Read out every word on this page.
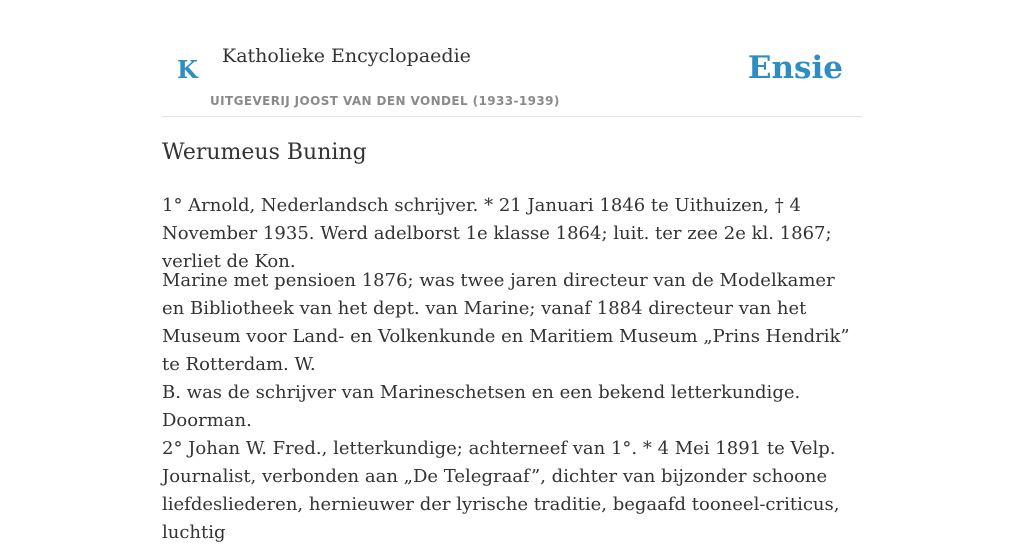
K Katholieke Encyclopaedie
UITGEVERIJ JOOST VAN DEN VONDEL (1933-1939)
Ensie
Werumeus Buning

1° Arnold, Nederlandsch schrijver. * 21 Januari 1846 te Uithuizen, † 4 November 1935. Werd adelborst 1e klasse 1864; luit. ter zee 2e kl. 1867; verliet de Kon.

Marine met pensioen 1876; was twee jaren directeur van de Modelkamer en Bibliotheek van het dept. van Marine; vanaf 1884 directeur van het Museum voor Land- en Volkenkunde en Maritiem Museum „Prins Hendrik” te Rotterdam. W.

B. was de schrijver van Marineschetsen en een bekend letterkundige. Doorman.

2° Johan W. Fred., letterkundige; achterneef van 1°. * 4 Mei 1891 te Velp. Journalist, verbonden aan „De Telegraaf”, dichter van bijzonder schoone liefdesliederen, hernieuwer der lyrische traditie, begaafd tooneel-criticus, luchtig
